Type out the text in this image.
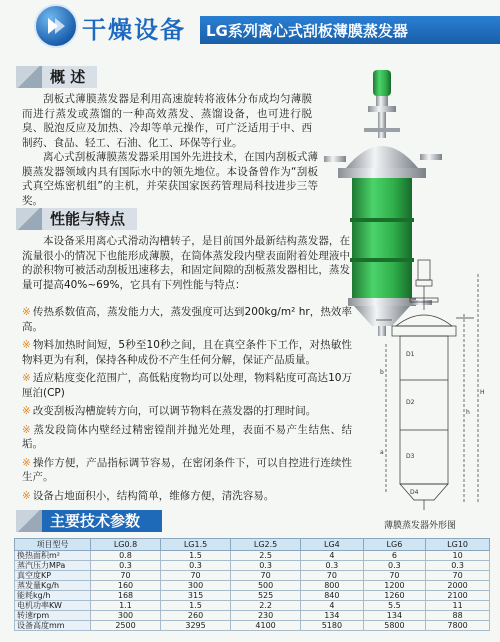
干燥设备 LG系列离心式刮板薄膜蒸发器
概 述
刮板式薄膜蒸发器是利用高速旋转将液体分布成均匀薄膜而进行蒸发或蒸馏的一种高效蒸发、蒸馏设备，也可进行脱臭、脱泡反应及加热、冷却等单元操作，可广泛适用于中、西制药、食品、轻工、石油、化工、环保等行业。
离心式刮板薄膜蒸发器采用国外先进技术，在国内刮板式薄膜蒸发器领域内具有国际水中的领先地位。本设备曾作为“刮板式真空炼密机组”的主机，并荣获国家医药管理局科技进步三等奖。
性能与特点
本设备采用离心式滑动沟槽转子，是目前国外最新结构蒸发器，在流量很小的情况下也能形成薄膜，在筒体蒸发段内壁表面附着处理液中的淤积物可被活动刮板迅速移去，和固定间隙的刮板蒸发器相比，蒸发量可提高40%~69%，它具有下列性能与特点：
※ 传热系数值高，蒸发能力大，蒸发强度可达到200kg/m² hr，热效率高。
※ 物料加热时间短，5秒至10秒之间，且在真空条件下工作，对热敏性物料更为有利，保持各种成份不产生任何分解，保证产品质量。
※ 适应粘度变化范围广，高低粘度物均可以处理，物料粘度可高达10万厘泊(CP)
※ 改变刮板沟槽旋转方向，可以调节物料在蒸发器的打理时间。
※ 蒸发段筒体内壁经过精密镗削并抛光处理，表面不易产生结焦、结垢。
※ 操作方便，产品指标调节容易，在密闭条件下，可以自控进行连续性生产。
※ 设备占地面积小，结构简单，维修方便，清洗容易。
D1
D2
D3
D4
H
h
b
a
薄膜蒸发器外形图
主要技术参数
项目型号	LG0.8	LG1.5	LG2.5	LG4	LG6	LG10
换热面积m²	0.8	1.5	2.5	4	6	10
蒸汽压力MPa	0.3	0.3	0.3	0.3	0.3	0.3
真空度KP	70	70	70	70	70	70
蒸发量Kg/h	160	300	500	800	1200	2000
能耗kg/h	168	315	525	840	1260	2100
电机功率KW	1.1	1.5	2.2	4	5.5	11
转速rpm	300	260	230	134	134	88
设备高度mm	2500	3295	4100	5180	5800	7800
